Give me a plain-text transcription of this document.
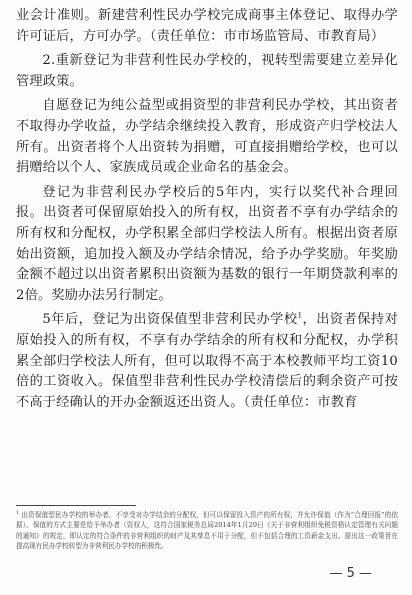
业会计准则。新建营利性民办学校完成商事主体登记、取得办学许可证后，方可办学。（责任单位：市市场监管局、市教育局）

2.重新登记为非营利性民办学校的，视转型需要建立差异化管理政策。

自愿登记为纯公益型或捐资型的非营利民办学校，其出资者不取得办学收益，办学结余继续投入教育，形成资产归学校法人所有。出资者将个人出资转为捐赠，可直接捐赠给学校，也可以捐赠给以个人、家族成员或企业命名的基金会。

登记为非营利民办学校后的5年内，实行以奖代补合理回报。出资者可保留原始投入的所有权，出资者不享有办学结余的所有权和分配权，办学积累全部归学校法人所有。根据出资者原始出资额，追加投入额及办学结余情况，给予办学奖励。年奖励金额不超过以出资者累积出资额为基数的银行一年期贷款利率的2倍。奖励办法另行制定。

5年后，登记为出资保值型非营利民办学校$^1$，出资者保持对原始投入的所有权，不享有办学结余的所有权和分配权，办学积累全部归学校法人所有，但可以取得不高于本校教师平均工资10倍的工资收入。保值型非营利性民办学校清偿后的剩余资产可按不高于经确认的开办金额返还出资人。（责任单位：市教育

$^1$ 出资保值型民办学校的举办者，不享受对办学结余的分配权，但可以保留投入资产的所有权，并允许保值（作为“合理回报”的依据）。保值的方式主要是给予举办者（资权人，这符合国家税务总局2014年1月29日《关于非营利组织免税资格认定管理有关问题的通知》的规定，即认定的符合条件的非营利组织的财产及其孳息不用于分配，但不包括合理的工资薪金支出。提出这一政策旨在提高现有民办学校转型为非营利民办学校的积极性。
— 5 —
